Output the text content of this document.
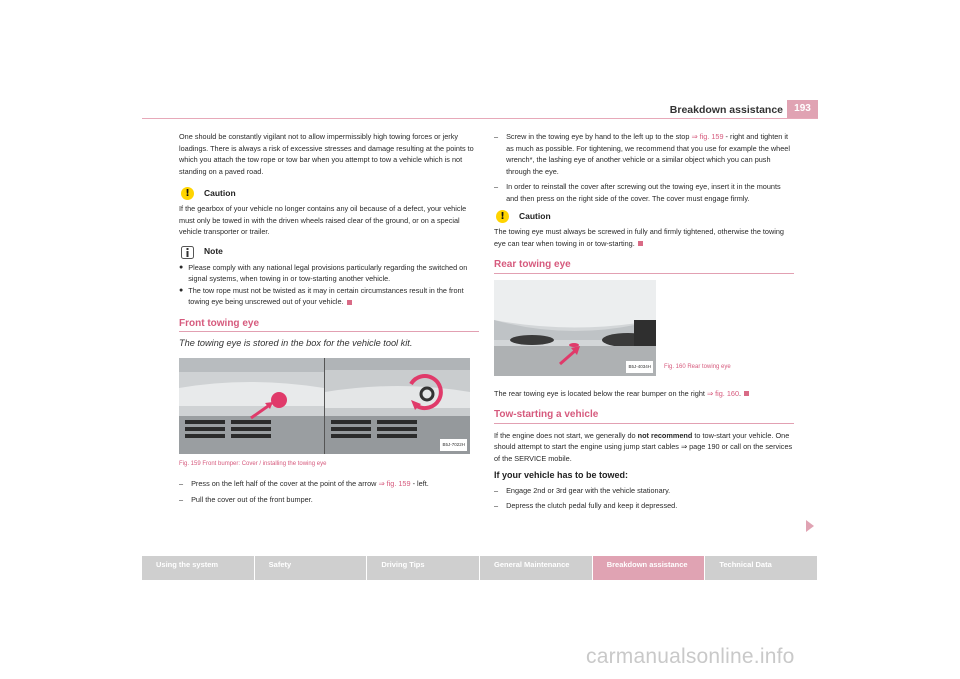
Breakdown assistance	193

One should be constantly vigilant not to allow impermissibly high towing forces or jerky loadings. There is always a risk of excessive stresses and damage resulting at the points to which you attach the tow rope or tow bar when you attempt to tow a vehicle which is not standing on a paved road.

!	Caution

If the gearbox of your vehicle no longer contains any oil because of a defect, your vehicle must only be towed in with the driven wheels raised clear of the ground, or on a special vehicle transporter or trailer.

Note
● Please comply with any national legal provisions particularly regarding the switched on signal systems, when towing in or tow-starting another vehicle.
● The tow rope must not be twisted as it may in certain circumstances result in the front towing eye being unscrewed out of your vehicle.
Front towing eye
The towing eye is stored in the box for the vehicle tool kit.
B5J-7022H
Fig. 159 Front bumper: Cover / installing the towing eye
– Press on the left half of the cover at the point of the arrow ⇒ fig. 159 - left.
– Pull the cover out of the front bumper.
– Screw in the towing eye by hand to the left up to the stop ⇒ fig. 159 - right and tighten it as much as possible. For tightening, we recommend that you use for example the wheel wrench*, the lashing eye of another vehicle or a similar object which you can push through the eye.
– In order to reinstall the cover after screwing out the towing eye, insert it in the mounts and then press on the right side of the cover. The cover must engage firmly.
!	Caution

The towing eye must always be screwed in fully and firmly tightened, otherwise the towing eye can tear when towing in or tow-starting.

Rear towing eye
B5J-4034H	Fig. 160 Rear towing eye

The rear towing eye is located below the rear bumper on the right ⇒ fig. 160.

Tow-starting a vehicle

If the engine does not start, we generally do not recommend to tow-start your vehicle. One should attempt to start the engine using jump start cables ⇒ page 190 or call on the services of the SERVICE mobile.

If your vehicle has to be towed:
– Engage 2nd or 3rd gear with the vehicle stationary.
– Depress the clutch pedal fully and keep it depressed.
Using the system	Safety	Driving Tips	General Maintenance	Breakdown assistance	Technical Data
carmanualsonline.info
